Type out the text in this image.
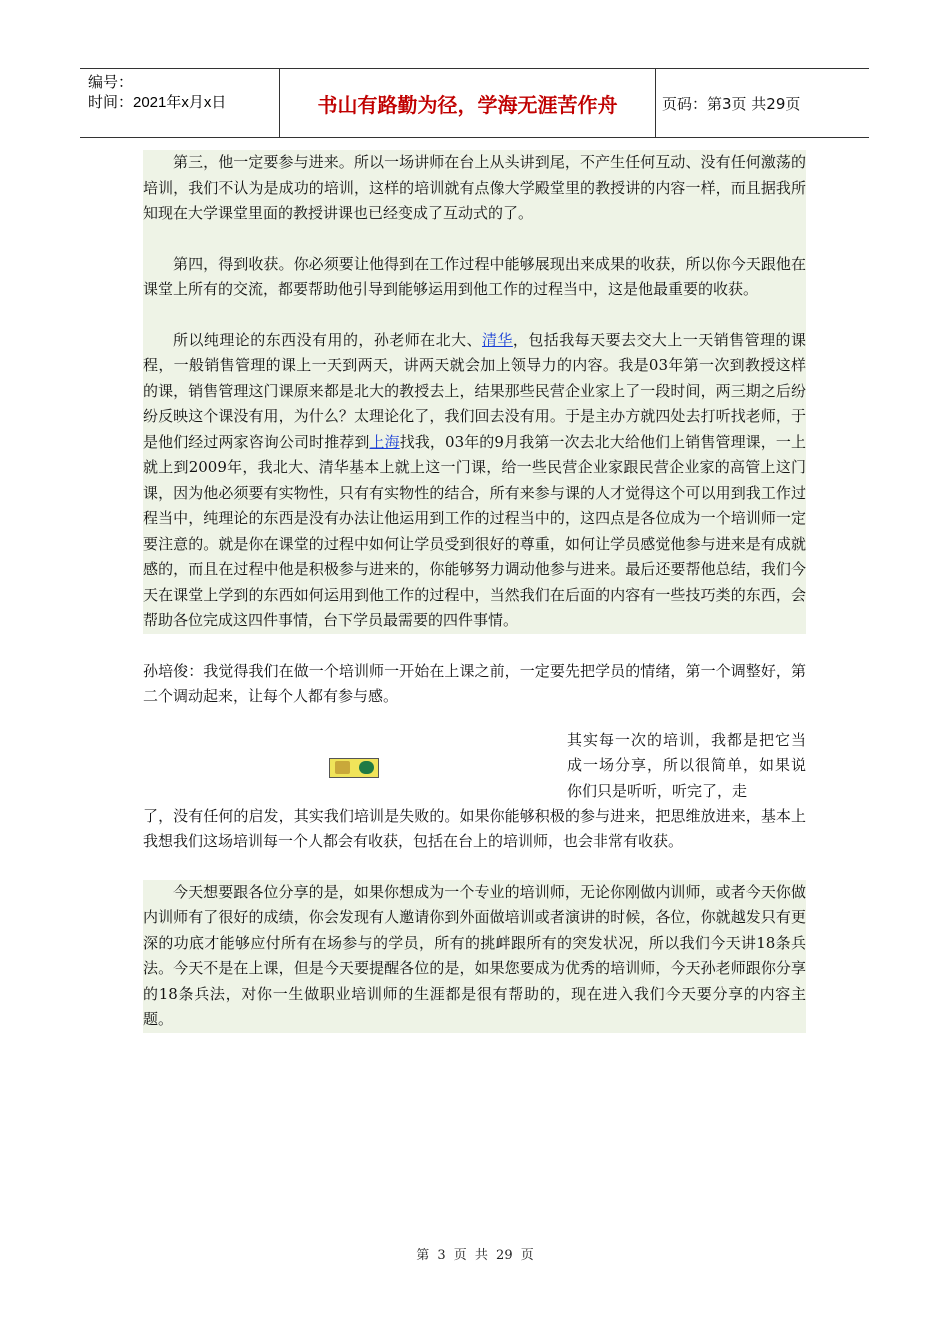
编号：
时间：2021年x月x日	书山有路勤为径，学海无涯苦作舟	页码：第3页 共29页

第三，他一定要参与进来。所以一场讲师在台上从头讲到尾，不产生任何互动、没有任何激荡的培训，我们不认为是成功的培训，这样的培训就有点像大学殿堂里的教授讲的内容一样，而且据我所知现在大学课堂里面的教授讲课也已经变成了互动式的了。

第四，得到收获。你必须要让他得到在工作过程中能够展现出来成果的收获，所以你今天跟他在课堂上所有的交流，都要帮助他引导到能够运用到他工作的过程当中，这是他最重要的收获。

所以纯理论的东西没有用的，孙老师在北大、清华，包括我每天要去交大上一天销售管理的课程，一般销售管理的课上一天到两天，讲两天就会加上领导力的内容。我是03年第一次到教授这样的课，销售管理这门课原来都是北大的教授去上，结果那些民营企业家上了一段时间，两三期之后纷纷反映这个课没有用，为什么？太理论化了，我们回去没有用。于是主办方就四处去打听找老师，于是他们经过两家咨询公司时推荐到上海找我，03年的9月我第一次去北大给他们上销售管理课，一上就上到2009年，我北大、清华基本上就上这一门课，给一些民营企业家跟民营企业家的高管上这门课，因为他必须要有实物性，只有有实物性的结合，所有来参与课的人才觉得这个可以用到我工作过程当中，纯理论的东西是没有办法让他运用到工作的过程当中的，这四点是各位成为一个培训师一定要注意的。就是你在课堂的过程中如何让学员受到很好的尊重，如何让学员感觉他参与进来是有成就感的，而且在过程中他是积极参与进来的，你能够努力调动他参与进来。最后还要帮他总结，我们今天在课堂上学到的东西如何运用到他工作的过程中，当然我们在后面的内容有一些技巧类的东西，会帮助各位完成这四件事情，台下学员最需要的四件事情。

孙培俊：我觉得我们在做一个培训师一开始在上课之前，一定要先把学员的情绪，第一个调整好，第二个调动起来，让每个人都有参与感。

其实每一次的培训，我都是把它当成一场分享，所以很简单，如果说你们只是听听，听完了，走

了，没有任何的启发，其实我们培训是失败的。如果你能够积极的参与进来，把思维放进来，基本上我想我们这场培训每一个人都会有收获，包括在台上的培训师，也会非常有收获。

今天想要跟各位分享的是，如果你想成为一个专业的培训师，无论你刚做内训师，或者今天你做内训师有了很好的成绩，你会发现有人邀请你到外面做培训或者演讲的时候，各位，你就越发只有更深的功底才能够应付所有在场参与的学员，所有的挑衅跟所有的突发状况，所以我们今天讲18条兵法。今天不是在上课，但是今天要提醒各位的是，如果您要成为优秀的培训师，今天孙老师跟你分享的18条兵法，对你一生做职业培训师的生涯都是很有帮助的，现在进入我们今天要分享的内容主题。

第 3 页 共 29 页
